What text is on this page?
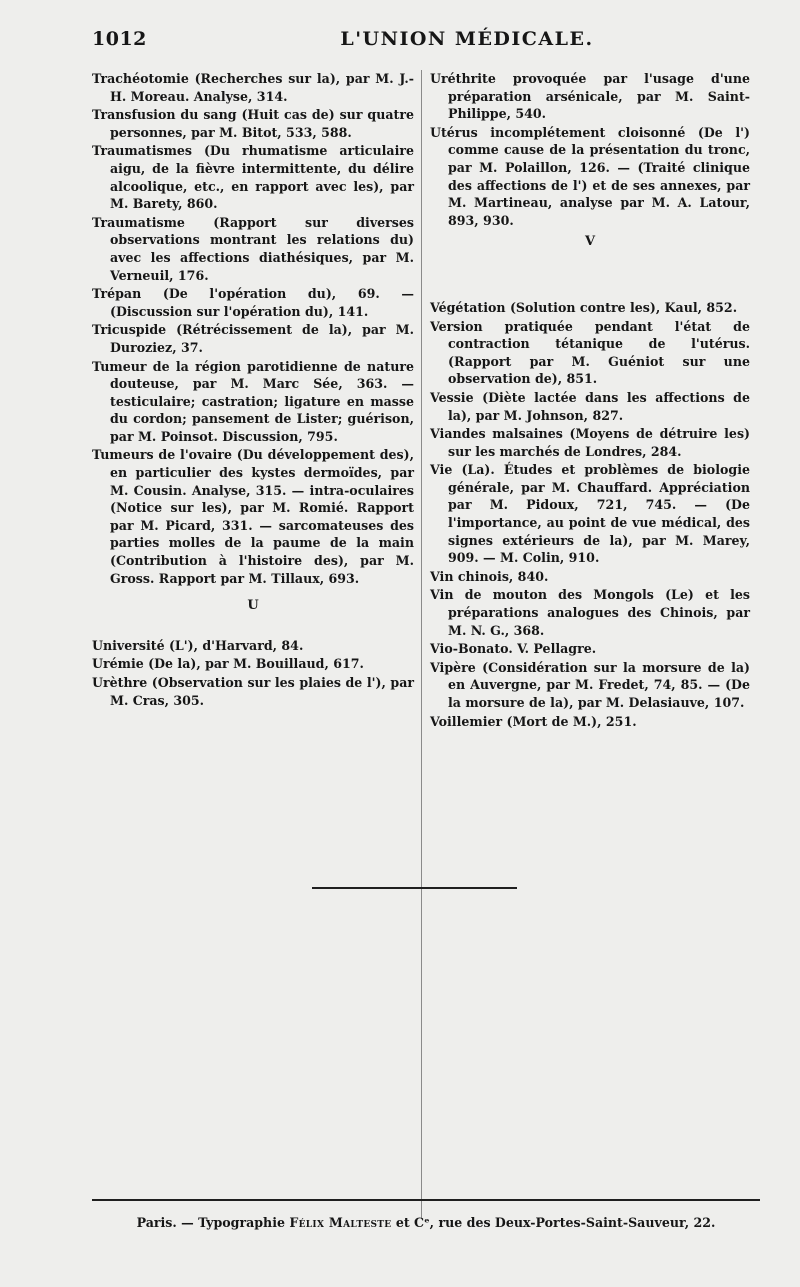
1012	L'UNION MÉDICALE.

Trachéotomie (Recherches sur la), par M. J.-H. Moreau. Analyse, 314.

Transfusion du sang (Huit cas de) sur quatre personnes, par M. Bitot, 533, 588.

Traumatismes (Du rhumatisme articulaire aigu, de la fièvre intermittente, du délire alcoolique, etc., en rapport avec les), par M. Barety, 860.

Traumatisme (Rapport sur diverses observations montrant les relations du) avec les affections diathésiques, par M. Verneuil, 176.

Trépan (De l'opération du), 69. — (Discussion sur l'opération du), 141.

Tricuspide (Rétrécissement de la), par M. Duroziez, 37.

Tumeur de la région parotidienne de nature douteuse, par M. Marc Sée, 363. — testiculaire; castration; ligature en masse du cordon; pansement de Lister; guérison, par M. Poinsot. Discussion, 795.

Tumeurs de l'ovaire (Du développement des), en particulier des kystes dermoïdes, par M. Cousin. Analyse, 315. — intra-oculaires (Notice sur les), par M. Romié. Rapport par M. Picard, 331. — sarcomateuses des parties molles de la paume de la main (Contribution à l'histoire des), par M. Gross. Rapport par M. Tillaux, 693.

U

Université (L'), d'Harvard, 84.

Urémie (De la), par M. Bouillaud, 617.

Urèthre (Observation sur les plaies de l'), par M. Cras, 305.

Uréthrite provoquée par l'usage d'une préparation arsénicale, par M. Saint-Philippe, 540.

Utérus incomplétement cloisonné (De l') comme cause de la présentation du tronc, par M. Polaillon, 126. — (Traité clinique des affections de l') et de ses annexes, par M. Martineau, analyse par M. A. Latour, 893, 930.

V

Végétation (Solution contre les), Kaul, 852.

Version pratiquée pendant l'état de contraction tétanique de l'utérus. (Rapport par M. Guéniot sur une observation de), 851.

Vessie (Diète lactée dans les affections de la), par M. Johnson, 827.

Viandes malsaines (Moyens de détruire les) sur les marchés de Londres, 284.

Vie (La). Études et problèmes de biologie générale, par M. Chauffard. Appréciation par M. Pidoux, 721, 745. — (De l'importance, au point de vue médical, des signes extérieurs de la), par M. Marey, 909. — M. Colin, 910.

Vin chinois, 840.

Vin de mouton des Mongols (Le) et les préparations analogues des Chinois, par M. N. G., 368.

Vio-Bonato. V. Pellagre.

Vipère (Considération sur la morsure de la) en Auvergne, par M. Fredet, 74, 85. — (De la morsure de la), par M. Delasiauve, 107.

Voillemier (Mort de M.), 251.

Paris. — Typographie Félix Malteste et Cᵉ, rue des Deux-Portes-Saint-Sauveur, 22.
